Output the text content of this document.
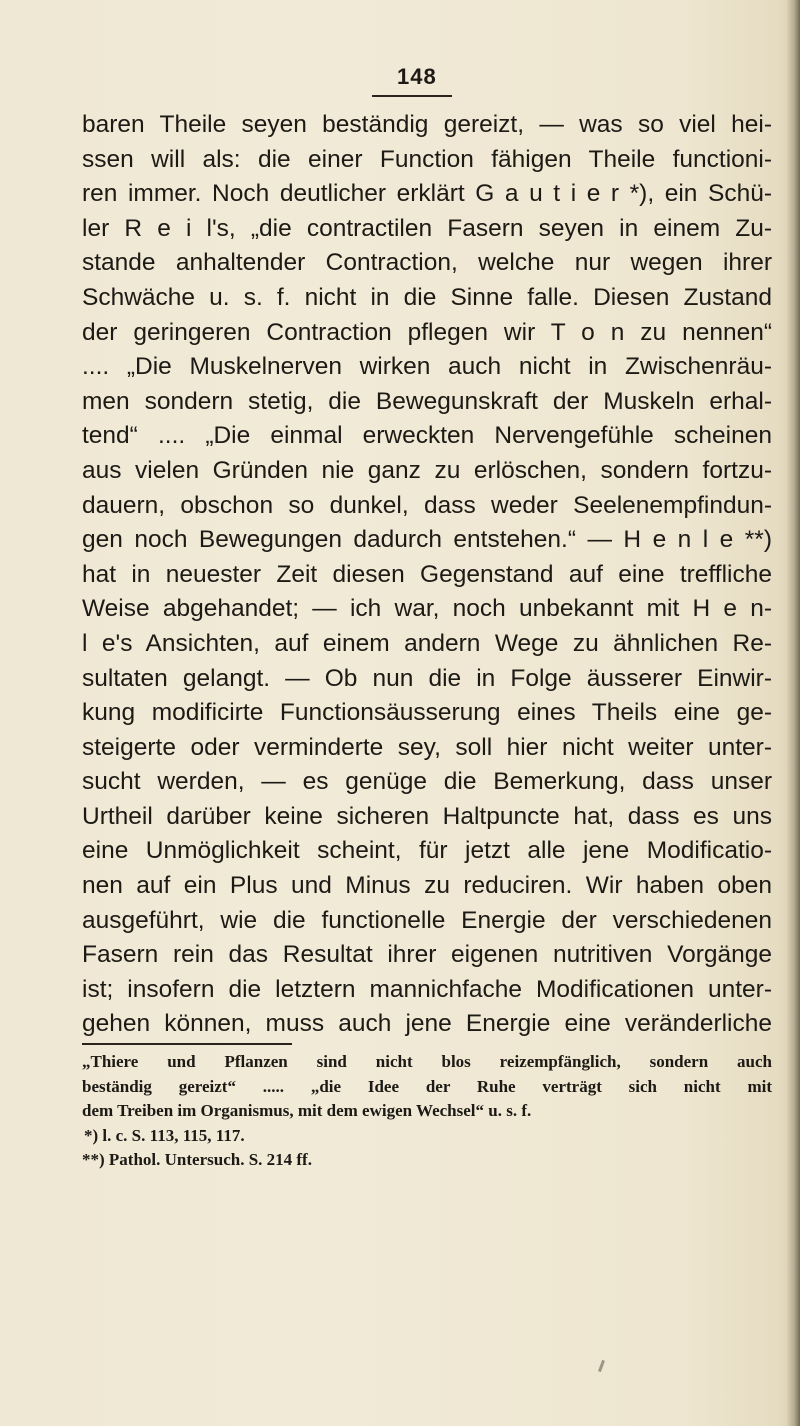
148
baren Theile seyen beständig gereizt, — was so viel hei-
ssen will als: die einer Function fähigen Theile functioni-
ren immer. Noch deutlicher erklärt G a u t i e r *), ein Schü-
ler R e i l's, „die contractilen Fasern seyen in einem Zu-
stande anhaltender Contraction, welche nur wegen ihrer
Schwäche u. s. f. nicht in die Sinne falle. Diesen Zustand
der geringeren Contraction pflegen wir T o n zu nennen“
.... „Die Muskelnerven wirken auch nicht in Zwischenräu-
men sondern stetig, die Bewegunskraft der Muskeln erhal-
tend“ .... „Die einmal erweckten Nervengefühle scheinen
aus vielen Gründen nie ganz zu erlöschen, sondern fortzu-
dauern, obschon so dunkel, dass weder Seelenempfindun-
gen noch Bewegungen dadurch entstehen.“ — H e n l e **)
hat in neuester Zeit diesen Gegenstand auf eine treffliche
Weise abgehandet; — ich war, noch unbekannt mit H e n-
l e's Ansichten, auf einem andern Wege zu ähnlichen Re-
sultaten gelangt. — Ob nun die in Folge äusserer Einwir-
kung modificirte Functionsäusserung eines Theils eine ge-
steigerte oder verminderte sey, soll hier nicht weiter unter-
sucht werden, — es genüge die Bemerkung, dass unser
Urtheil darüber keine sicheren Haltpuncte hat, dass es uns
eine Unmöglichkeit scheint, für jetzt alle jene Modificatio-
nen auf ein Plus und Minus zu reduciren. Wir haben oben
ausgeführt, wie die functionelle Energie der verschiedenen
Fasern rein das Resultat ihrer eigenen nutritiven Vorgänge
ist; insofern die letztern mannichfache Modificationen unter-
gehen können, muss auch jene Energie eine veränderliche
„Thiere und Pflanzen sind nicht blos reizempfänglich, sondern auch
beständig gereizt“ ..... „die Idee der Ruhe verträgt sich nicht mit
dem Treiben im Organismus, mit dem ewigen Wechsel“ u. s. f.
*) l. c. S. 113, 115, 117.
**) Pathol. Untersuch. S. 214 ff.
